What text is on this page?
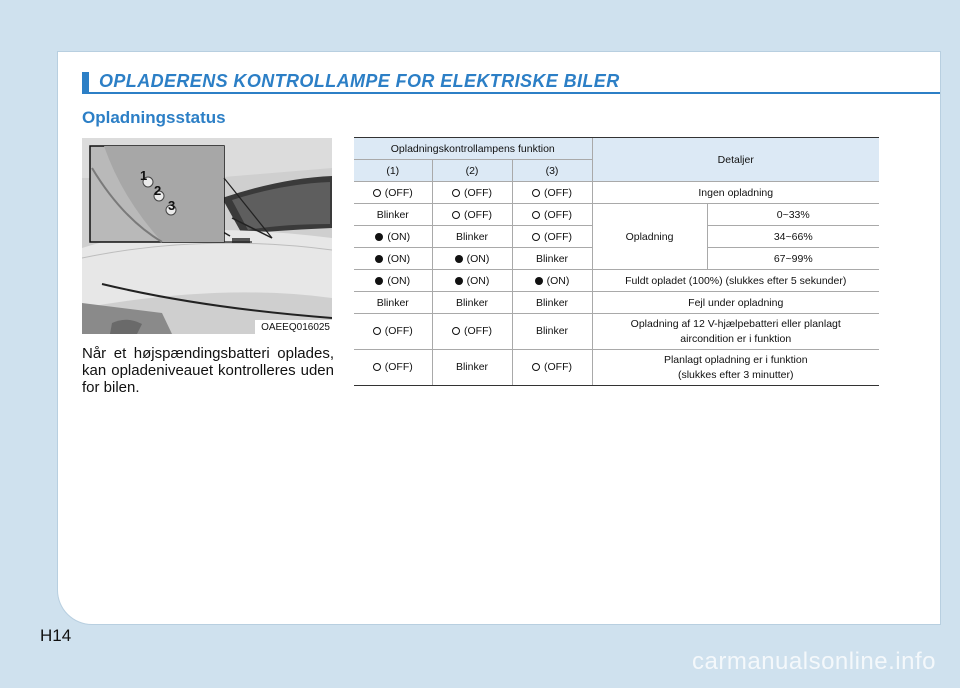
OPLADERENS KONTROLLAMPE FOR ELEKTRISKE BILER
Opladningsstatus
1
2
3
OAEEQ016025
Når et højspændingsbatteri oplades, kan opladeniveauet kontrolleres uden for bilen.
Opladningskontrollampens funktion			Detaljer	
(1)	(2)	(3)		
(OFF)	(OFF)	(OFF)	Ingen opladning	
Blinker	(OFF)	(OFF)	Opladning	0~33%
(ON)	Blinker	(OFF)		34~66%
(ON)	(ON)	Blinker		67~99%
(ON)	(ON)	(ON)	Fuldt opladet (100%) (slukkes efter 5 sekunder)	
Blinker	Blinker	Blinker	Fejl under opladning	
(OFF)	(OFF)	Blinker	Opladning af 12 V-hjælpebatteri eller planlagt
aircondition er i funktion	
(OFF)	Blinker	(OFF)	Planlagt opladning er i funktion
(slukkes efter 3 minutter)	
H14
carmanualsonline.info
